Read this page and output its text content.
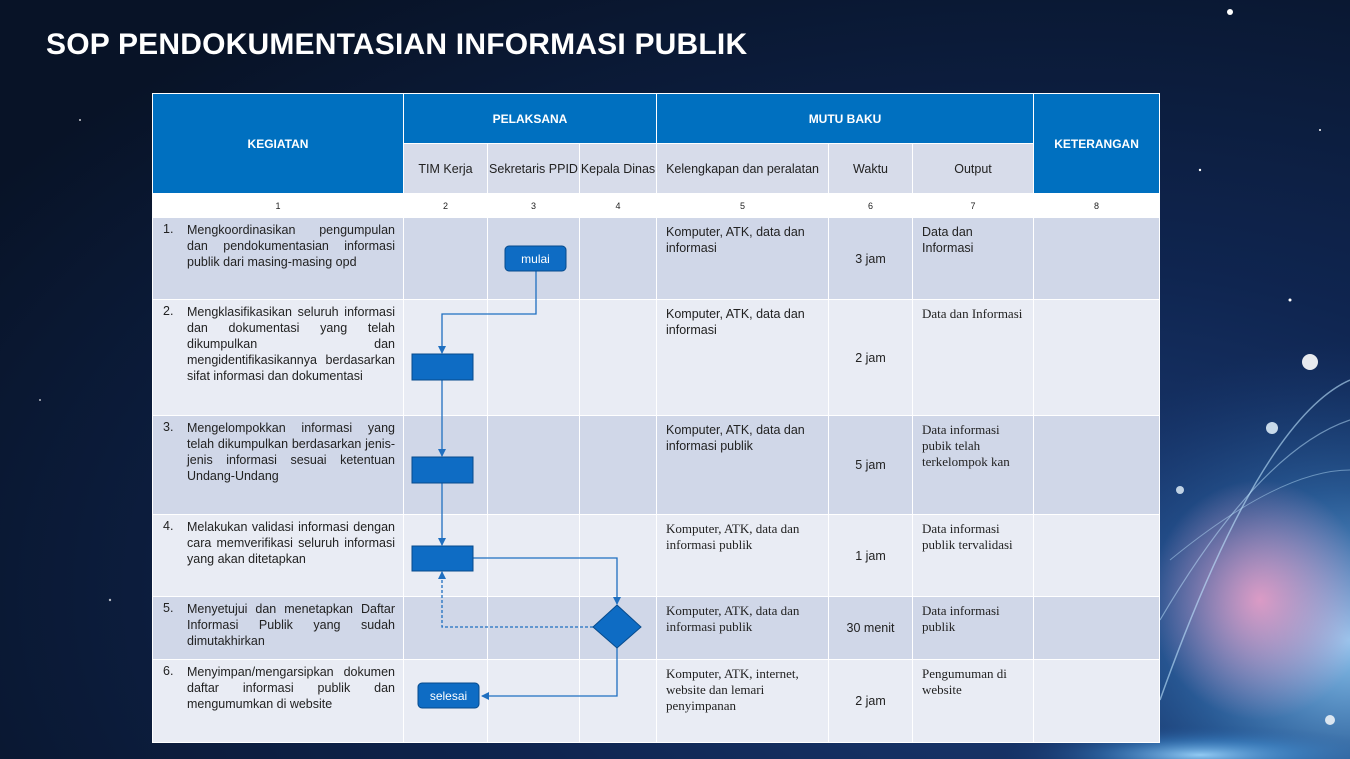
SOP PENDOKUMENTASIAN INFORMASI PUBLIK
KEGIATAN	PELAKSANA			MUTU BAKU			KETERANGAN
	TIM Kerja	Sekretaris PPID	Kepala Dinas	Kelengkapan dan peralatan	Waktu	Output	
1	2	3	4	5	6	7	8

1. Mengkoordinasikan pengumpulan dan pendokumentasian informasi publik dari masing-masing opd				Komputer, ATK, data dan informasi	3 jam	Data dan Informasi	

2. Mengklasifikasikan seluruh informasi dan dokumentasi yang telah dikumpulkan dan mengidentifikasikannya berdasarkan sifat informasi dan dokumentasi				Komputer, ATK, data dan informasi	2 jam	Data dan Informasi	

3. Mengelompokkan informasi yang telah dikumpulkan berdasarkan jenis-jenis informasi sesuai ketentuan Undang-Undang				Komputer, ATK, data dan informasi publik	5 jam	Data informasi pubik telah terkelompok kan	

4. Melakukan validasi informasi dengan cara memverifikasi seluruh informasi yang akan ditetapkan				Komputer, ATK, data dan informasi publik	1 jam	Data informasi publik tervalidasi	

5. Menyetujui dan menetapkan Daftar Informasi Publik yang sudah dimutakhirkan				Komputer, ATK, data dan informasi publik	30 menit	Data informasi publik	

6. Menyimpan/mengarsipkan dokumen daftar informasi publik dan mengumumkan di website				Komputer, ATK, internet, website dan lemari penyimpanan	2 jam	Pengumuman di website	
mulai
selesai
